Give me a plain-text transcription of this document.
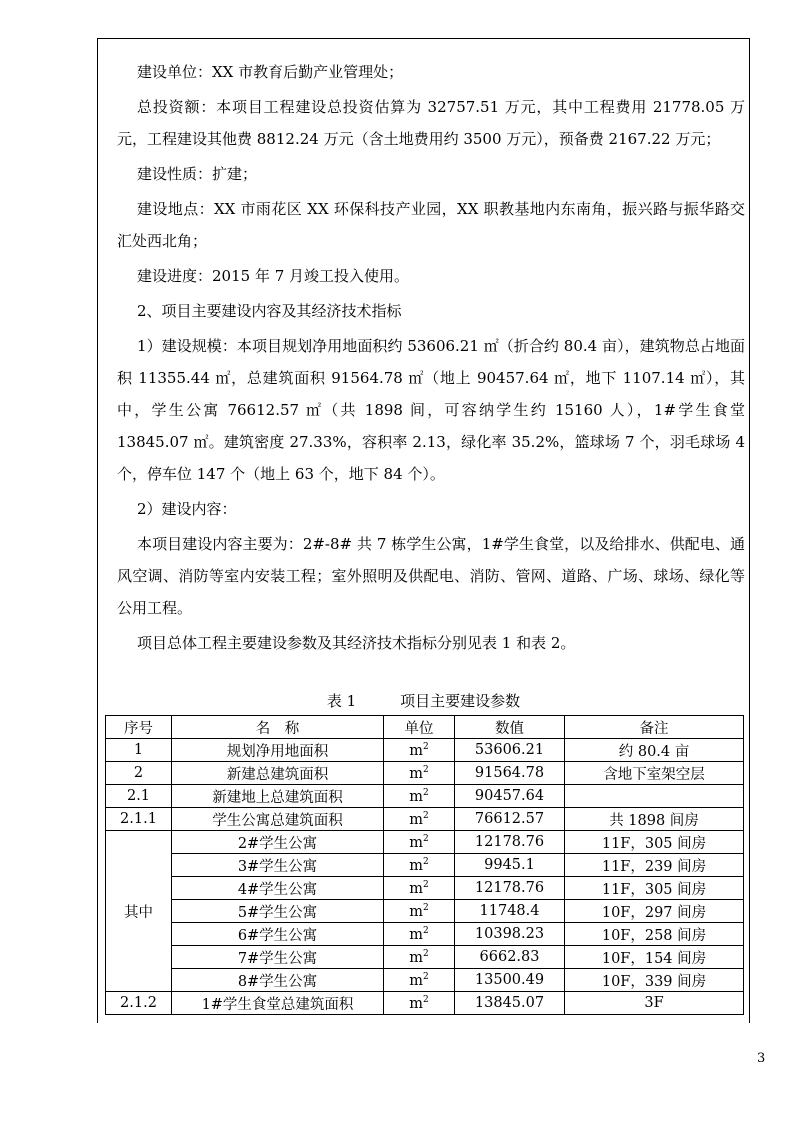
建设单位：XX 市教育后勤产业管理处；

总投资额：本项目工程建设总投资估算为 32757.51 万元，其中工程费用 21778.05 万元，工程建设其他费 8812.24 万元（含土地费用约 3500 万元），预备费 2167.22 万元；

建设性质：扩建；

建设地点：XX 市雨花区 XX 环保科技产业园，XX 职教基地内东南角，振兴路与振华路交汇处西北角；

建设进度：2015 年 7 月竣工投入使用。

2、项目主要建设内容及其经济技术指标

1）建设规模：本项目规划净用地面积约 53606.21 ㎡（折合约 80.4 亩），建筑物总占地面积 11355.44 ㎡，总建筑面积 91564.78 ㎡（地上 90457.64 ㎡，地下 1107.14 ㎡），其中，学生公寓 76612.57 ㎡（共 1898 间，可容纳学生约 15160 人），1#学生食堂 13845.07 ㎡。建筑密度 27.33%，容积率 2.13，绿化率 35.2%，篮球场 7 个，羽毛球场 4 个，停车位 147 个（地上 63 个，地下 84 个）。

2）建设内容：

本项目建设内容主要为：2#-8# 共 7 栋学生公寓，1#学生食堂，以及给排水、供配电、通风空调、消防等室内安装工程；室外照明及供配电、消防、管网、道路、广场、球场、绿化等公用工程。

项目总体工程主要建设参数及其经济技术指标分别见表 1 和表 2。

表 1	项目主要建设参数
序号	名　称	单位	数值	备注
1	规划净用地面积	$m^2$	53606.21	约 80.4 亩
2	新建总建筑面积	$m^2$	91564.78	含地下室架空层
2.1	新建地上总建筑面积	$m^2$	90457.64	
2.1.1	学生公寓总建筑面积	$m^2$	76612.57	共 1898 间房
其中	2#学生公寓	$m^2$	12178.76	11F，305 间房
	3#学生公寓	$m^2$	9945.1	11F，239 间房
	4#学生公寓	$m^2$	12178.76	11F，305 间房
	5#学生公寓	$m^2$	11748.4	10F，297 间房
	6#学生公寓	$m^2$	10398.23	10F，258 间房
	7#学生公寓	$m^2$	6662.83	10F，154 间房
	8#学生公寓	$m^2$	13500.49	10F，339 间房
2.1.2	1#学生食堂总建筑面积	$m^2$	13845.07	3F
3
